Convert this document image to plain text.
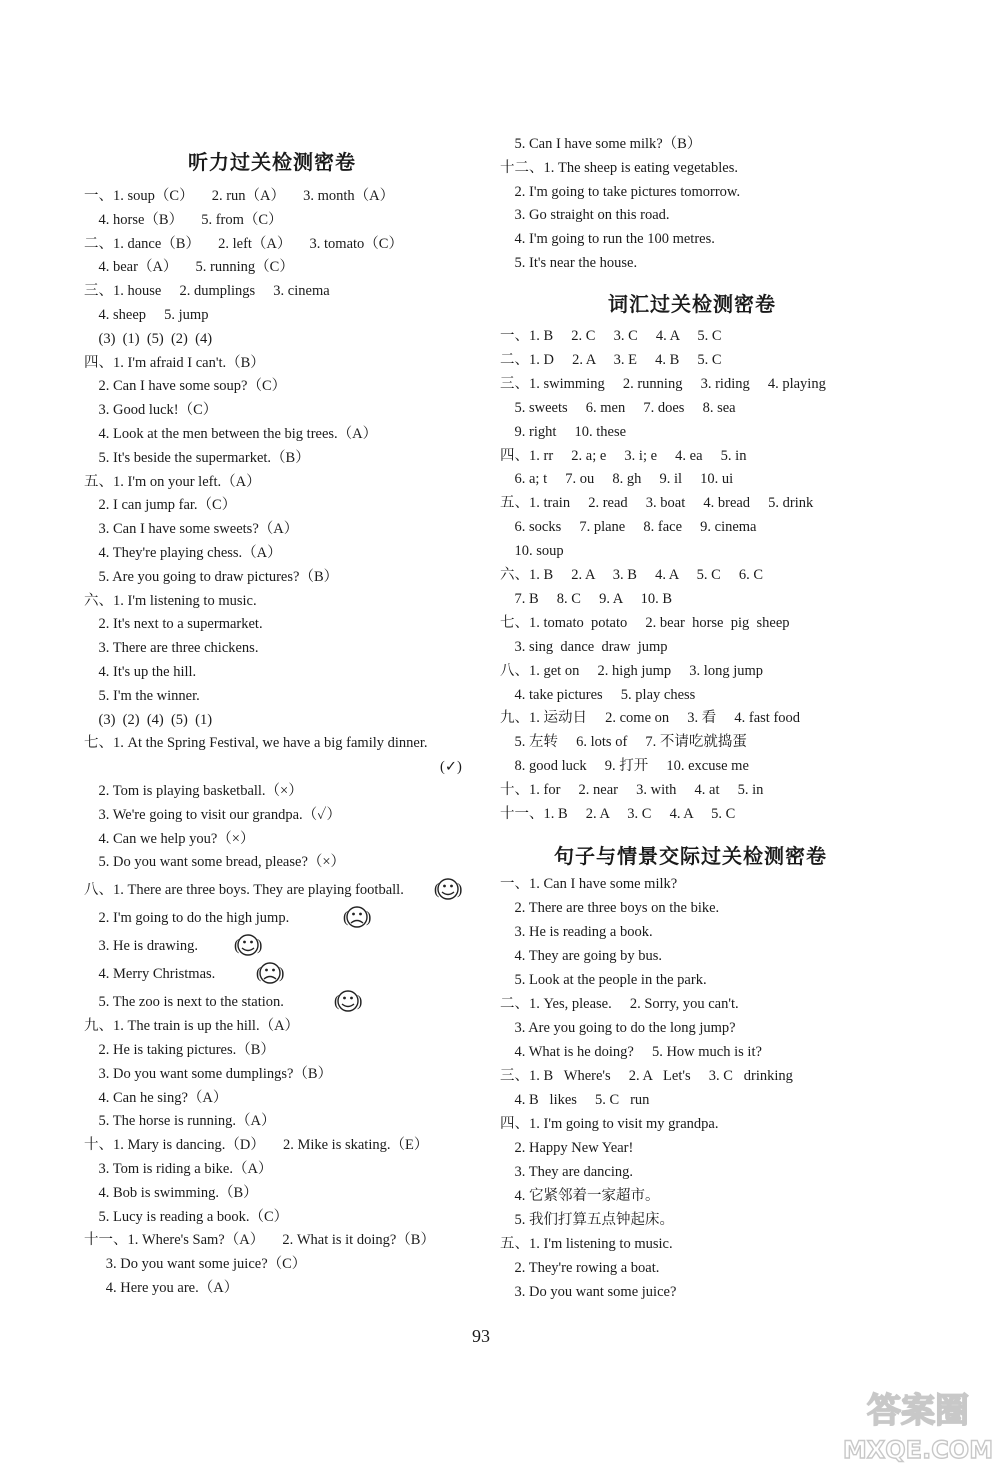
听力过关检测密卷
一、1. soup（C）     2. run（A）     3. month（A）
4. horse（B）     5. from（C）
二、1. dance（B）     2. left（A）     3. tomato（C）
4. bear（A）     5. running（C）
三、1. house     2. dumplings     3. cinema
4. sheep     5. jump
(3)  (1)  (5)  (2)  (4)
四、1. I'm afraid I can't.（B）
2. Can I have some soup?（C）
3. Good luck!（C）
4. Look at the men between the big trees.（A）
5. It's beside the supermarket.（B）
五、1. I'm on your left.（A）
2. I can jump far.（C）
3. Can I have some sweets?（A）
4. They're playing chess.（A）
5. Are you going to draw pictures?（B）
六、1. I'm listening to music.
2. It's next to a supermarket.
3. There are three chickens.
4. It's up the hill.
5. I'm the winner.
(3)  (2)  (4)  (5)  (1)
七、1. At the Spring Festival, we have a big family dinner.
(✓)
2. Tom is playing basketball.（×）
3. We're going to visit our grandpa.（✓）
4. Can we help you?（×）
5. Do you want some bread, please?（×）
八、1. There are three boys. They are playing football.
2. I'm going to do the high jump.
3. He is drawing.
4. Merry Christmas.
5. The zoo is next to the station.
九、1. The train is up the hill.（A）
2. He is taking pictures.（B）
3. Do you want some dumplings?（B）
4. Can he sing?（A）
5. The horse is running.（A）
十、1. Mary is dancing.（D）     2. Mike is skating.（E）
3. Tom is riding a bike.（A）
4. Bob is swimming.（B）
5. Lucy is reading a book.（C）
十一、1. Where's Sam?（A）     2. What is it doing?（B）
3. Do you want some juice?（C）
4. Here you are.（A）
( )
( )
( )
( )
( )
词汇过关检测密卷
句子与情景交际过关检测密卷
5. Can I have some milk?（B）
十二、1. The sheep is eating vegetables.
2. I'm going to take pictures tomorrow.
3. Go straight on this road.
4. I'm going to run the 100 metres.
5. It's near the house.
一、1. B     2. C     3. C     4. A     5. C
二、1. D     2. A     3. E     4. B     5. C
三、1. swimming     2. running     3. riding     4. playing
5. sweets     6. men     7. does     8. sea
9. right     10. these
四、1. rr     2. a; e     3. i; e     4. ea     5. in
6. a; t     7. ou     8. gh     9. il     10. ui
五、1. train     2. read     3. boat     4. bread     5. drink
6. socks     7. plane     8. face     9. cinema
10. soup
六、1. B     2. A     3. B     4. A     5. C     6. C
7. B     8. C     9. A     10. B
七、1. tomato  potato     2. bear  horse  pig  sheep
3. sing  dance  draw  jump
八、1. get on     2. high jump     3. long jump
4. take pictures     5. play chess
九、1. 运动日     2. come on     3. 看     4. fast food
5. 左转     6. lots of     7. 不请吃就捣蛋
8. good luck     9. 打开     10. excuse me
十、1. for     2. near     3. with     4. at     5. in
十一、1. B     2. A     3. C     4. A     5. C
一、1. Can I have some milk?
2. There are three boys on the bike.
3. He is reading a book.
4. They are going by bus.
5. Look at the people in the park.
二、1. Yes, please.     2. Sorry, you can't.
3. Are you going to do the long jump?
4. What is he doing?     5. How much is it?
三、1. B   Where's     2. A   Let's     3. C   drinking
4. B   likes     5. C   run
四、1. I'm going to visit my grandpa.
2. Happy New Year!
3. They are dancing.
4. 它紧邻着一家超市。
5. 我们打算五点钟起床。
五、1. I'm listening to music.
2. They're rowing a boat.
3. Do you want some juice?
93
答案圈
MXQE.COM
